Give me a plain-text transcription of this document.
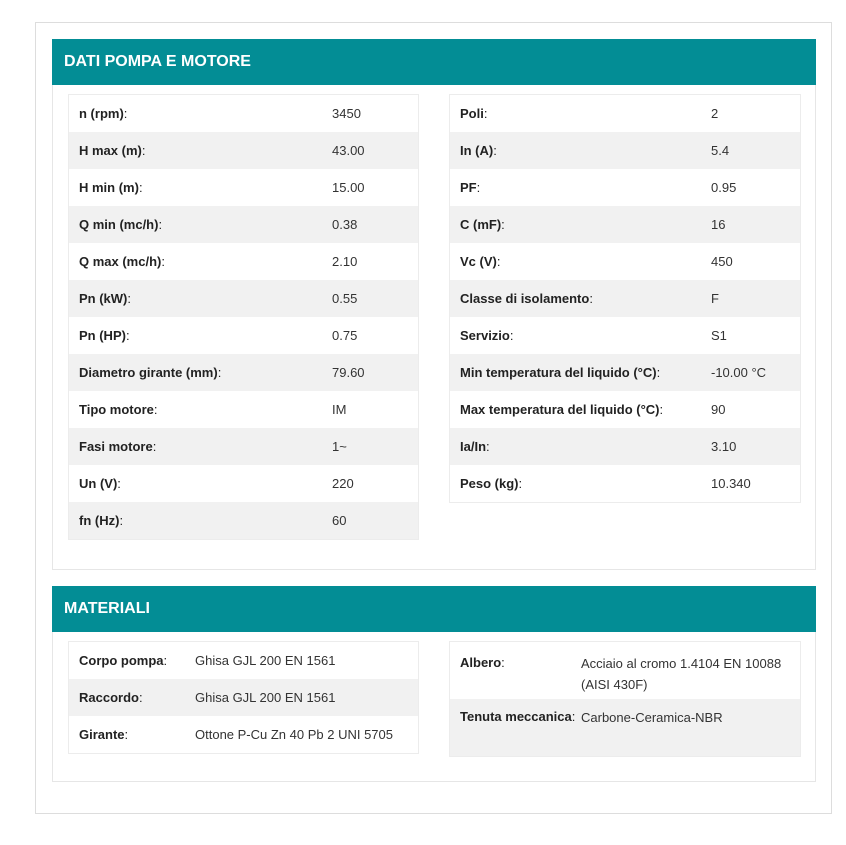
DATI POMPA E MOTORE
n (rpm):	3450
H max (m):	43.00
H min (m):	15.00
Q min (mc/h):	0.38
Q max (mc/h):	2.10
Pn (kW):	0.55
Pn (HP):	0.75
Diametro girante (mm):	79.60
Tipo motore:	IM
Fasi motore:	1~
Un (V):	220
fn (Hz):	60
Poli:	2
In (A):	5.4
PF:	0.95
C (mF):	16
Vc (V):	450
Classe di isolamento:	F
Servizio:	S1
Min temperatura del liquido (°C):	-10.00 °C
Max temperatura del liquido (°C):	90
Ia/In:	3.10
Peso (kg):	10.340
MATERIALI
Corpo pompa:	Ghisa GJL 200 EN 1561
Raccordo:	Ghisa GJL 200 EN 1561
Girante:	Ottone P-Cu Zn 40 Pb 2 UNI 5705
Albero:	Acciaio al cromo 1.4104 EN 10088 (AISI 430F)
Tenuta meccanica: Carbone-Ceramica-NBR
